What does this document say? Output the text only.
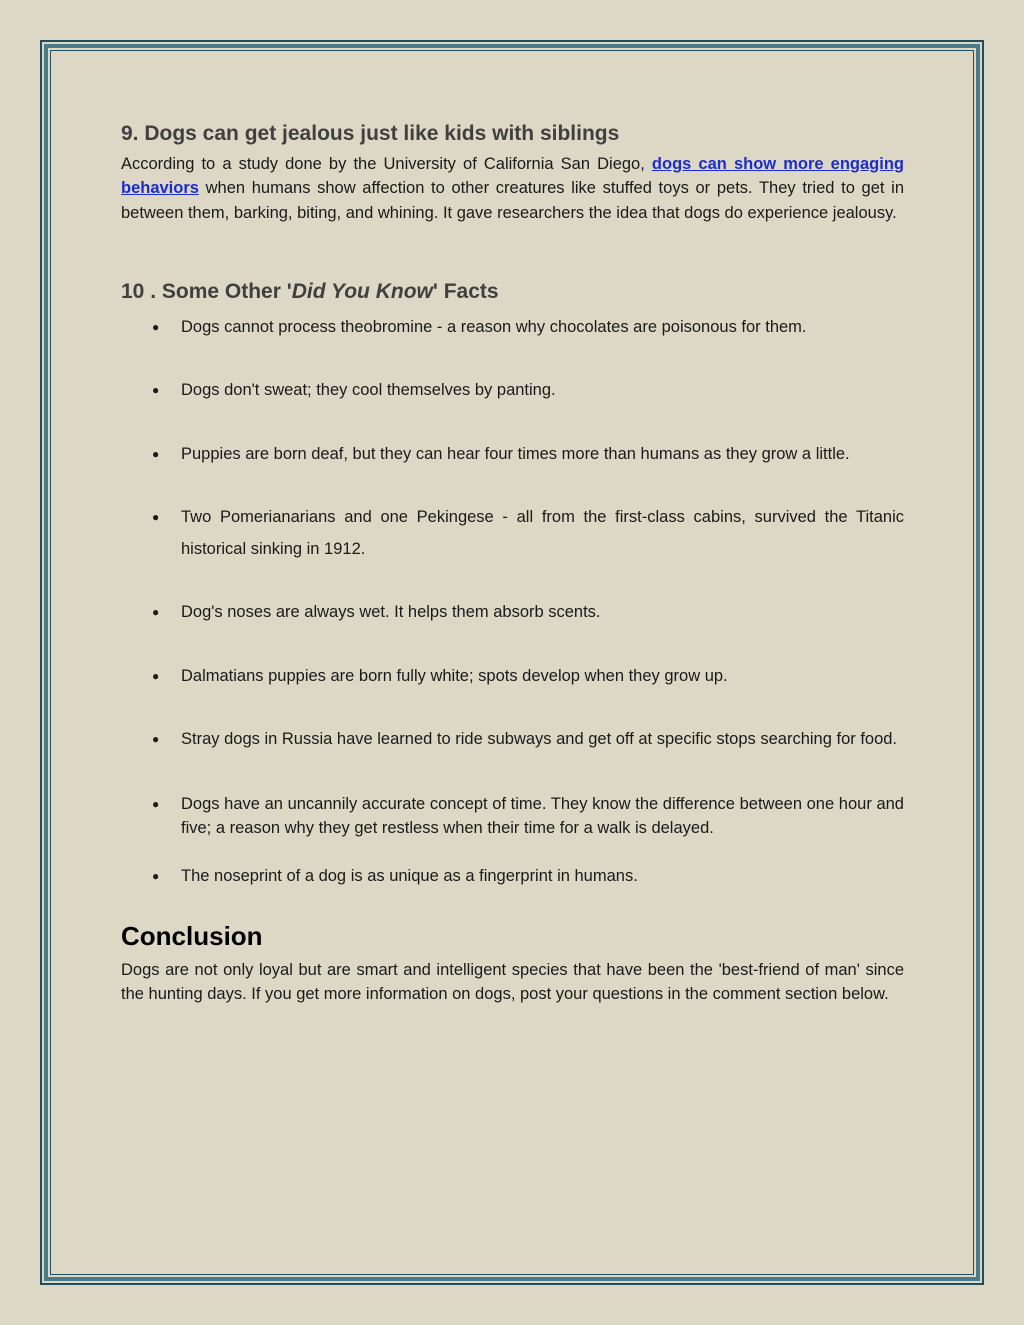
9. Dogs can get jealous just like kids with siblings

According to a study done by the University of California San Diego, dogs can show more engaging behaviors when humans show affection to other creatures like stuffed toys or pets. They tried to get in between them, barking, biting, and whining. It gave researchers the idea that dogs do experience jealousy.

10 . Some Other 'Did You Know' Facts
● Dogs cannot process theobromine - a reason why chocolates are poisonous for them.
● Dogs don't sweat; they cool themselves by panting.
● Puppies are born deaf, but they can hear four times more than humans as they grow a little.
● Two Pomerianarians and one Pekingese - all from the first-class cabins, survived the Titanic historical sinking in 1912.
● Dog's noses are always wet. It helps them absorb scents.
● Dalmatians puppies are born fully white; spots develop when they grow up.
● Stray dogs in Russia have learned to ride subways and get off at specific stops searching for food.
● Dogs have an uncannily accurate concept of time. They know the difference between one hour and five; a reason why they get restless when their time for a walk is delayed.
● The noseprint of a dog is as unique as a fingerprint in humans.
Conclusion

Dogs are not only loyal but are smart and intelligent species that have been the 'best-friend of man' since the hunting days. If you get more information on dogs, post your questions in the comment section below.
